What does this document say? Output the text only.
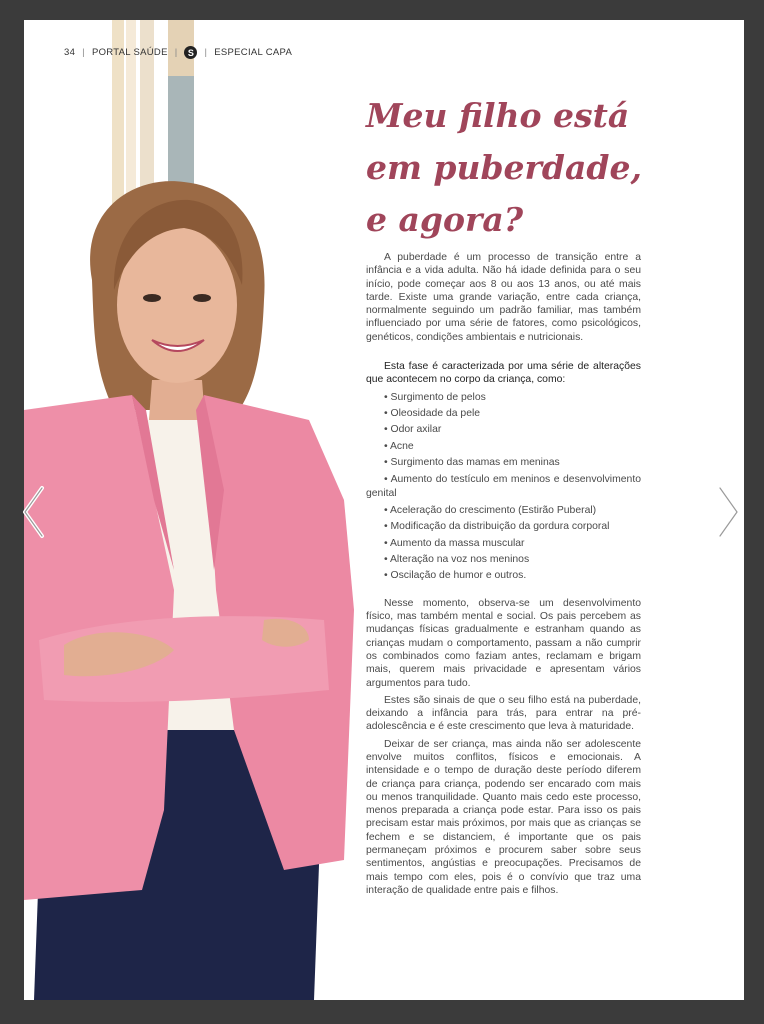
34 | PORTAL SAÚDE |	S	| ESPECIAL CAPA
Meu filho está
em puberdade,
e agora?

A puberdade é um processo de transição entre a infância e a vida adulta. Não há idade definida para o seu início, pode começar aos 8 ou aos 13 anos, ou até mais tarde. Existe uma grande variação, entre cada criança, normalmente seguindo um padrão familiar, mas também influenciado por uma série de fatores, como psicológicos, genéticos, condições ambientais e nutricionais.

Esta fase é caracterizada por uma série de alterações que acontecem no corpo da criança, como:

• Surgimento de pelos
• Oleosidade da pele
• Odor axilar
• Acne
• Surgimento das mamas em meninas
• Aumento do testículo em meninos e desenvolvimento genital
• Aceleração do crescimento (Estirão Puberal)
• Modificação da distribuição da gordura corporal
• Aumento da massa muscular
• Alteração na voz nos meninos
• Oscilação de humor e outros.

Nesse momento, observa-se um desenvolvimento físico, mas também mental e social. Os pais percebem as mudanças físicas gradualmente e estranham quando as crianças mudam o comportamento, passam a não cumprir os combinados como faziam antes, reclamam e brigam mais, querem mais privacidade e apresentam vários argumentos para tudo.

Estes são sinais de que o seu filho está na puberdade, deixando a infância para trás, para entrar na pré-adolescência e é este crescimento que leva à maturidade.

Deixar de ser criança, mas ainda não ser adolescente envolve muitos conflitos, físicos e emocionais. A intensidade e o tempo de duração deste período diferem de criança para criança, podendo ser encarado com mais ou menos tranquilidade. Quanto mais cedo este processo, menos preparada a criança pode estar. Para isso os pais precisam estar mais próximos, por mais que as crianças se fechem e se distanciem, é importante que os pais permaneçam próximos e procurem saber sobre seus sentimentos, angústias e preocupações. Precisamos de mais tempo com eles, pois é o convívio que traz uma interação de qualidade entre pais e filhos.
